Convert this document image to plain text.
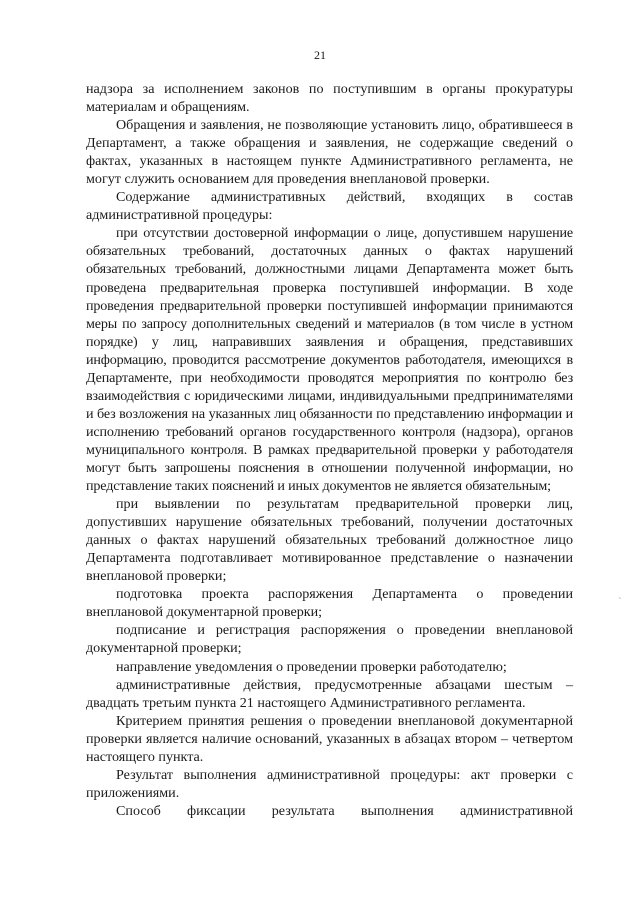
21

надзора за исполнением законов по поступившим в органы прокуратуры материалам и обращениям.

Обращения и заявления, не позволяющие установить лицо, обратившееся в Департамент, а также обращения и заявления, не содержащие сведений о фактах, указанных в настоящем пункте Административного регламента, не могут служить основанием для проведения внеплановой проверки.

Содержание административных действий, входящих в состав административной процедуры:

при отсутствии достоверной информации о лице, допустившем нарушение обязательных требований, достаточных данных о фактах нарушений обязательных требований, должностными лицами Департамента может быть проведена предварительная проверка поступившей информации. В ходе проведения предварительной проверки поступившей информации принимаются меры по запросу дополнительных сведений и материалов (в том числе в устном порядке) у лиц, направивших заявления и обращения, представивших информацию, проводится рассмотрение документов работодателя, имеющихся в Департаменте, при необходимости проводятся мероприятия по контролю без взаимодействия с юридическими лицами, индивидуальными предпринимателями и без возложения на указанных лиц обязанности по представлению информации и исполнению требований органов государственного контроля (надзора), органов муниципального контроля. В рамках предварительной проверки у работодателя могут быть запрошены пояснения в отношении полученной информации, но представление таких пояснений и иных документов не является обязательным;

при выявлении по результатам предварительной проверки лиц, допустивших нарушение обязательных требований, получении достаточных данных о фактах нарушений обязательных требований должностное лицо Департамента подготавливает мотивированное представление о назначении внеплановой проверки;

подготовка проекта распоряжения Департамента о проведении внеплановой документарной проверки;

подписание и регистрация распоряжения о проведении внеплановой документарной проверки;

направление уведомления о проведении проверки работодателю;

административные действия, предусмотренные абзацами шестым – двадцать третьим пункта 21 настоящего Административного регламента.

Критерием принятия решения о проведении внеплановой документарной проверки является наличие оснований, указанных в абзацах втором – четвертом настоящего пункта.

Результат выполнения административной процедуры: акт проверки с приложениями.

Способ фиксации результата выполнения административной

`
